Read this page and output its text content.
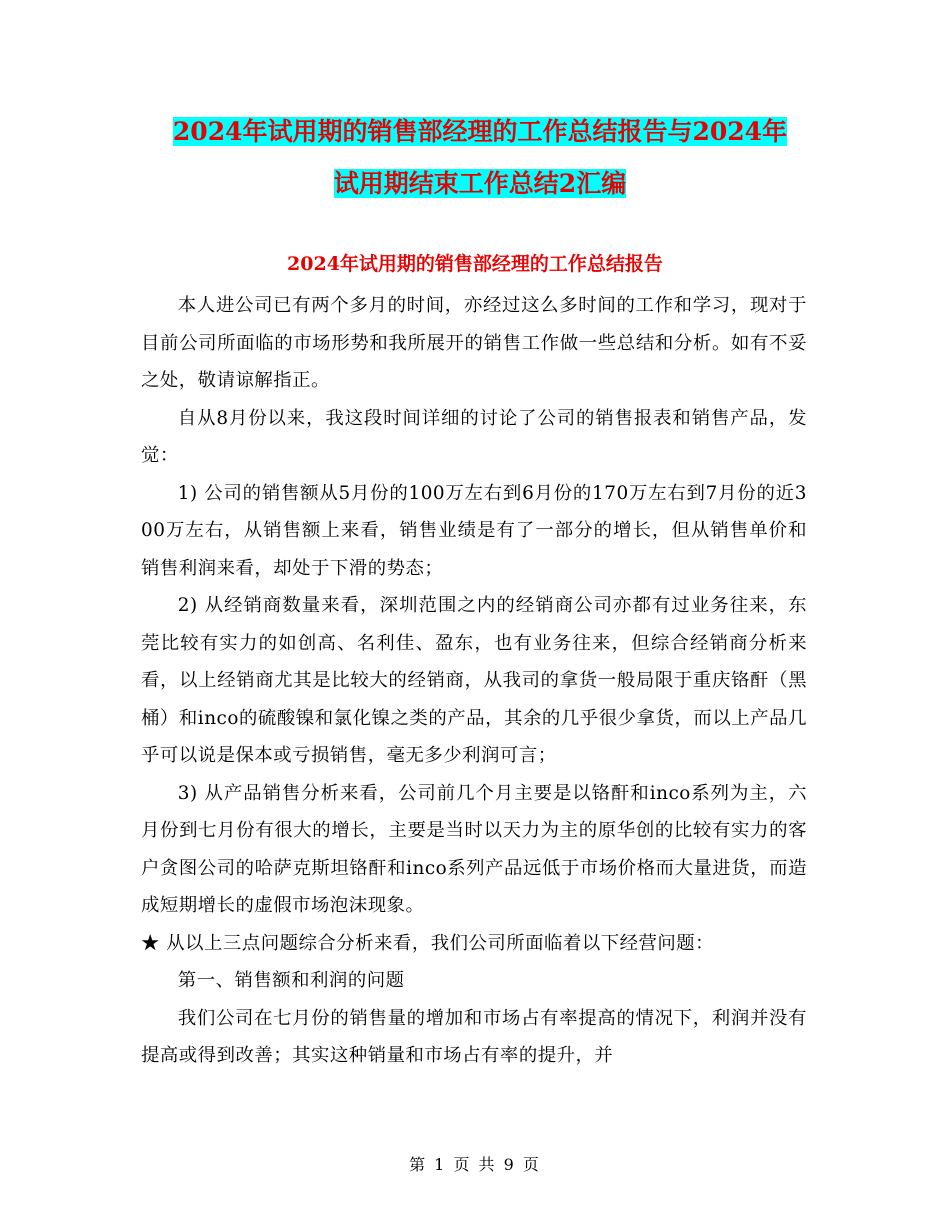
2024年试用期的销售部经理的工作总结报告与2024年
试用期结束工作总结2汇编
2024年试用期的销售部经理的工作总结报告

本人进公司已有两个多月的时间，亦经过这么多时间的工作和学习，现对于目前公司所面临的市场形势和我所展开的销售工作做一些总结和分析。如有不妥之处，敬请谅解指正。

自从8月份以来，我这段时间详细的讨论了公司的销售报表和销售产品，发觉：

1) 公司的销售额从5月份的100万左右到6月份的170万左右到7月份的近300万左右，从销售额上来看，销售业绩是有了一部分的增长，但从销售单价和销售利润来看，却处于下滑的势态；

2) 从经销商数量来看，深圳范围之内的经销商公司亦都有过业务往来，东莞比较有实力的如创高、名利佳、盈东，也有业务往来，但综合经销商分析来看，以上经销商尤其是比较大的经销商，从我司的拿货一般局限于重庆铬酐（黑桶）和inco的硫酸镍和氯化镍之类的产品，其余的几乎很少拿货，而以上产品几乎可以说是保本或亏损销售，毫无多少利润可言；

3) 从产品销售分析来看，公司前几个月主要是以铬酐和inco系列为主，六月份到七月份有很大的增长，主要是当时以天力为主的原华创的比较有实力的客户贪图公司的哈萨克斯坦铬酐和inco系列产品远低于市场价格而大量进货，而造成短期增长的虚假市场泡沫现象。

★ 从以上三点问题综合分析来看，我们公司所面临着以下经营问题：

第一、销售额和利润的问题

我们公司在七月份的销售量的增加和市场占有率提高的情况下，利润并没有提高或得到改善；其实这种销量和市场占有率的提升，并

第 1 页 共 9 页
